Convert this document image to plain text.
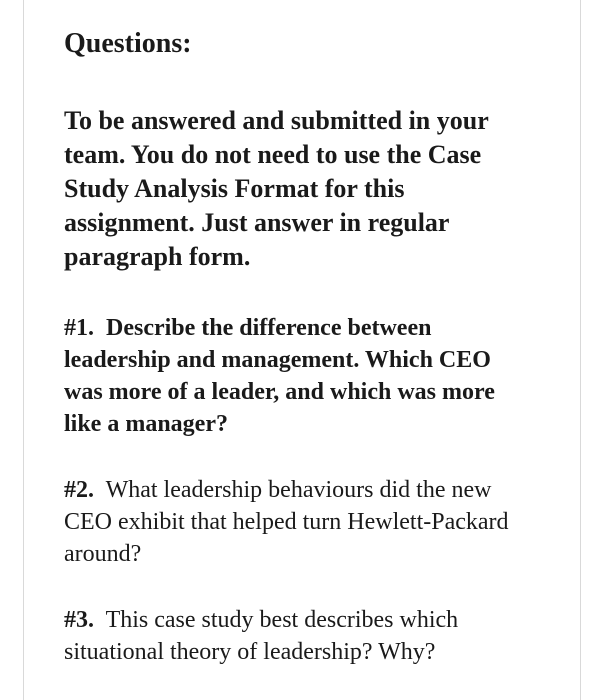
Questions:

To be answered and submitted in your team. You do not need to use the Case Study Analysis Format for this assignment. Just answer in regular paragraph form.

#1. Describe the difference between leadership and management. Which CEO was more of a leader, and which was more like a manager?

#2. What leadership behaviours did the new CEO exhibit that helped turn Hewlett-Packard around?

#3. This case study best describes which situational theory of leadership? Why?
